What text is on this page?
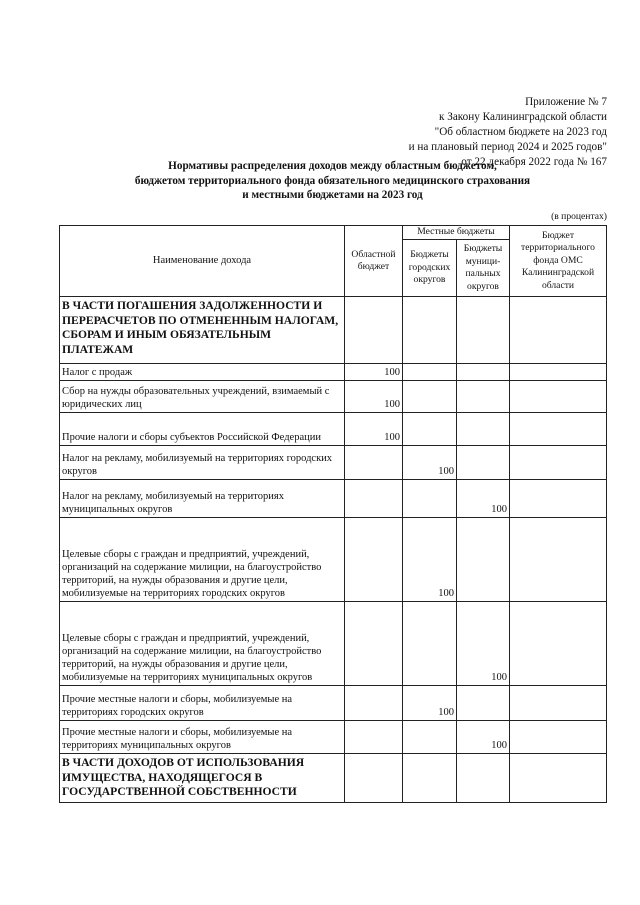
Приложение № 7
к Закону Калининградской области
"Об областном бюджете на 2023 год
и на плановый период 2024 и 2025 годов"
от 22 декабря 2022 года № 167
Нормативы распределения доходов между областным бюджетом,
бюджетом территориального фонда обязательного медицинского страхования
и местными бюджетами на 2023 год
(в процентах)
Наименование дохода	Областной бюджет	Местные бюджеты		Бюджет территориального фонда ОМС Калининградской области
		Бюджеты городских округов	Бюджеты муници-пальных округов	
В ЧАСТИ ПОГАШЕНИЯ ЗАДОЛЖЕННОСТИ И ПЕРЕРАСЧЕТОВ ПО ОТМЕНЕННЫМ НАЛОГАМ, СБОРАМ И ИНЫМ ОБЯЗАТЕЛЬНЫМ ПЛАТЕЖАМ				
Налог с продаж	100			
Сбор на нужды образовательных учреждений, взимаемый с юридических лиц	100			
Прочие налоги и сборы субъектов Российской Федерации	100			
Налог на рекламу, мобилизуемый на территориях городских округов		100		
Налог на рекламу, мобилизуемый на территориях муниципальных округов			100	
Целевые сборы с граждан и предприятий, учреждений, организаций на содержание милиции, на благоустройство территорий, на нужды образования и другие цели, мобилизуемые на территориях городских округов		100		
Целевые сборы с граждан и предприятий, учреждений, организаций на содержание милиции, на благоустройство территорий, на нужды образования и другие цели, мобилизуемые на территориях муниципальных округов			100	
Прочие местные налоги и сборы, мобилизуемые на территориях городских округов		100		
Прочие местные налоги и сборы, мобилизуемые на территориях муниципальных округов			100	
В ЧАСТИ ДОХОДОВ ОТ ИСПОЛЬЗОВАНИЯ ИМУЩЕСТВА, НАХОДЯЩЕГОСЯ В ГОСУДАРСТВЕННОЙ СОБСТВЕННОСТИ				
